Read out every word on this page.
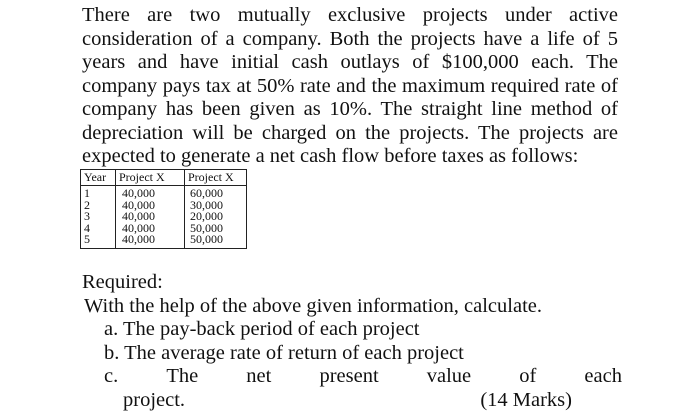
There are two mutually exclusive projects under active
consideration of a company. Both the projects have a life of 5
years and have initial cash outlays of $100,000 each. The
company pays tax at 50% rate and the maximum required rate of
company has been given as 10%. The straight line method of
depreciation will be charged on the projects. The projects are
expected to generate a net cash flow before taxes as follows:
Year	Project X	Project X
1	40,000	60,000
2	40,000	30,000
3	40,000	20,000
4	40,000	50,000
5	40,000	50,000
Required:
With the help of the above given information, calculate.
a. The pay-back period of each project
b. The average rate of return of each project
c. The net present value of each
project.	(14 Marks)
